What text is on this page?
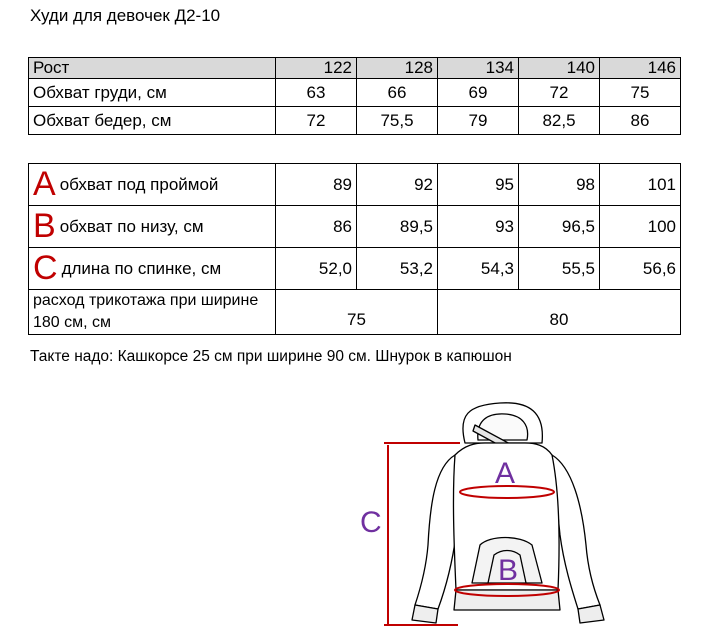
Худи для девочек Д2-10
Рост	122	128	134	140	146
Обхват груди, см	63	66	69	72	75
Обхват бедер, см	72	75,5	79	82,5	86
A обхват под проймой	89	92	95	98	101
B обхват по низу, см	86	89,5	93	96,5	100
C длина по спинке, см	52,0	53,2	54,3	55,5	56,6
расход трикотажа при ширине 180 см, см	75		80		
Такте надо: Кашкорсе 25 см при ширине 90 см. Шнурок в капюшон
A
B
C
